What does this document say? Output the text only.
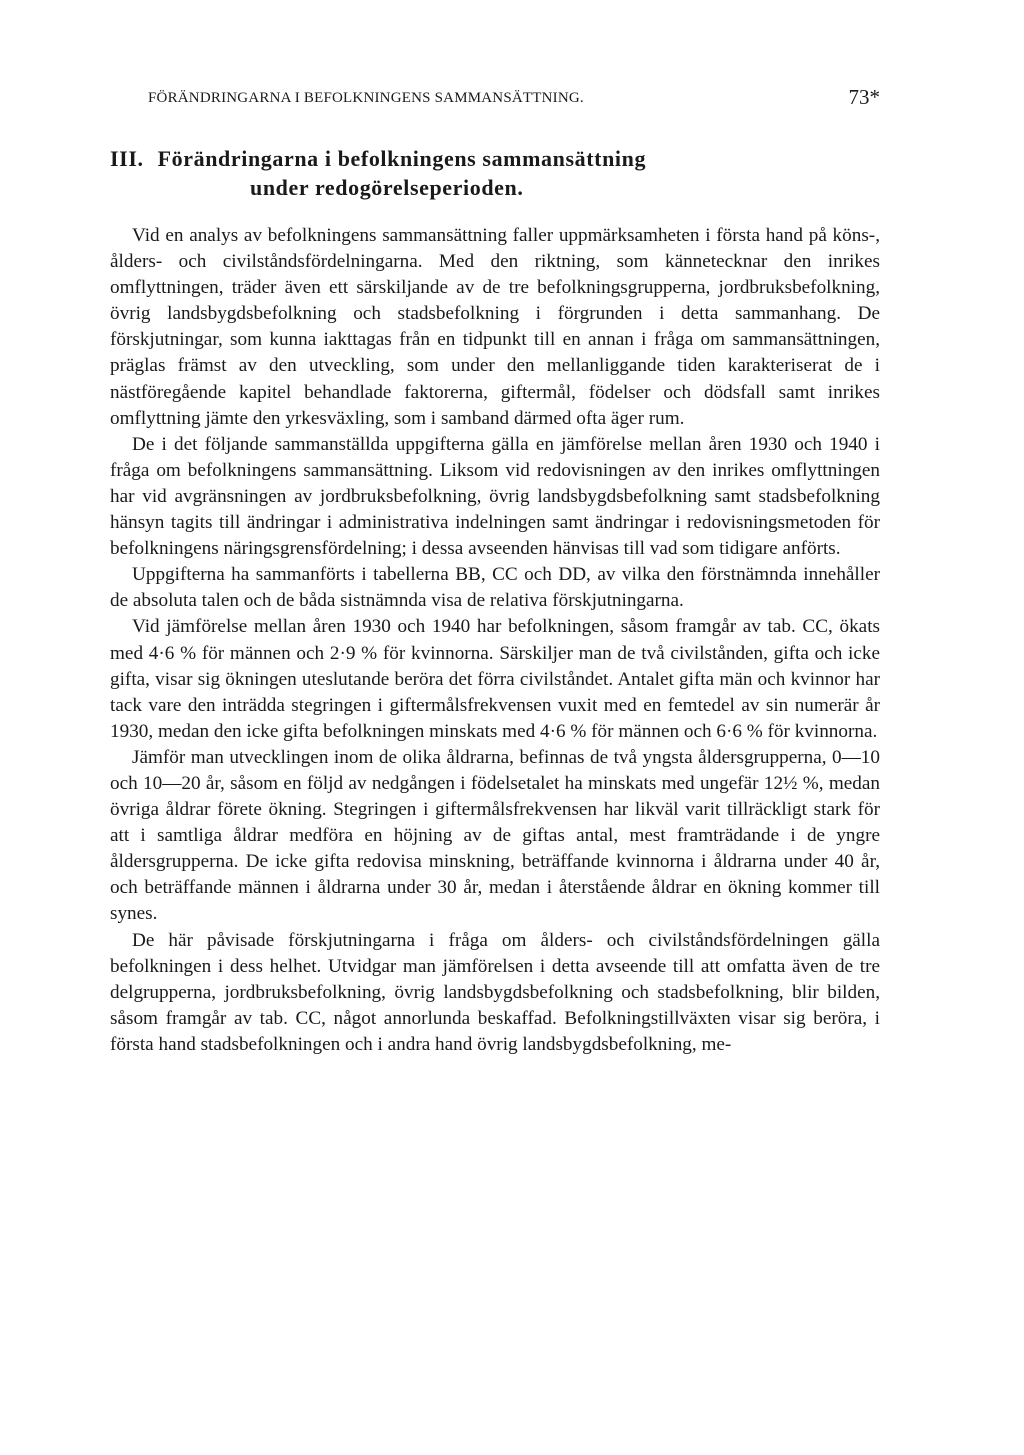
FÖRÄNDRINGARNA I BEFOLKNINGENS SAMMANSÄTTNING.	73*
III. Förändringarna i befolkningens sammansättning
under redogörelseperioden.

Vid en analys av befolkningens sammansättning faller uppmärksamheten i första hand på köns-, ålders- och civilståndsfördelningarna. Med den riktning, som kännetecknar den inrikes omflyttningen, träder även ett särskiljande av de tre befolkningsgrupperna, jordbruksbefolkning, övrig landsbygdsbefolkning och stadsbefolkning i förgrunden i detta sammanhang. De förskjutningar, som kunna iakttagas från en tidpunkt till en annan i fråga om sammansättningen, präglas främst av den utveckling, som under den mellanliggande tiden karakteriserat de i nästföregående kapitel behandlade faktorerna, giftermål, födelser och dödsfall samt inrikes omflyttning jämte den yrkesväxling, som i samband därmed ofta äger rum.

De i det följande sammanställda uppgifterna gälla en jämförelse mellan åren 1930 och 1940 i fråga om befolkningens sammansättning. Liksom vid redovisningen av den inrikes omflyttningen har vid avgränsningen av jordbruksbefolkning, övrig landsbygdsbefolkning samt stadsbefolkning hänsyn tagits till ändringar i administrativa indelningen samt ändringar i redovisningsmetoden för befolkningens näringsgrensfördelning; i dessa avseenden hänvisas till vad som tidigare anförts.

Uppgifterna ha sammanförts i tabellerna BB, CC och DD, av vilka den förstnämnda innehåller de absoluta talen och de båda sistnämnda visa de relativa förskjutningarna.

Vid jämförelse mellan åren 1930 och 1940 har befolkningen, såsom framgår av tab. CC, ökats med 4·6 % för männen och 2·9 % för kvinnorna. Särskiljer man de två civilstånden, gifta och icke gifta, visar sig ökningen uteslutande beröra det förra civilståndet. Antalet gifta män och kvinnor har tack vare den inträdda stegringen i giftermålsfrekvensen vuxit med en femtedel av sin numerär år 1930, medan den icke gifta befolkningen minskats med 4·6 % för männen och 6·6 % för kvinnorna.

Jämför man utvecklingen inom de olika åldrarna, befinnas de två yngsta åldersgrupperna, 0—10 och 10—20 år, såsom en följd av nedgången i födelsetalet ha minskats med ungefär 12½ %, medan övriga åldrar förete ökning. Stegringen i giftermålsfrekvensen har likväl varit tillräckligt stark för att i samtliga åldrar medföra en höjning av de giftas antal, mest framträdande i de yngre åldersgrupperna. De icke gifta redovisa minskning, beträffande kvinnorna i åldrarna under 40 år, och beträffande männen i åldrarna under 30 år, medan i återstående åldrar en ökning kommer till synes.

De här påvisade förskjutningarna i fråga om ålders- och civilståndsfördelningen gälla befolkningen i dess helhet. Utvidgar man jämförelsen i detta avseende till att omfatta även de tre delgrupperna, jordbruksbefolkning, övrig landsbygdsbefolkning och stadsbefolkning, blir bilden, såsom framgår av tab. CC, något annorlunda beskaffad. Befolkningstillväxten visar sig beröra, i första hand stadsbefolkningen och i andra hand övrig landsbygdsbefolkning, me-
